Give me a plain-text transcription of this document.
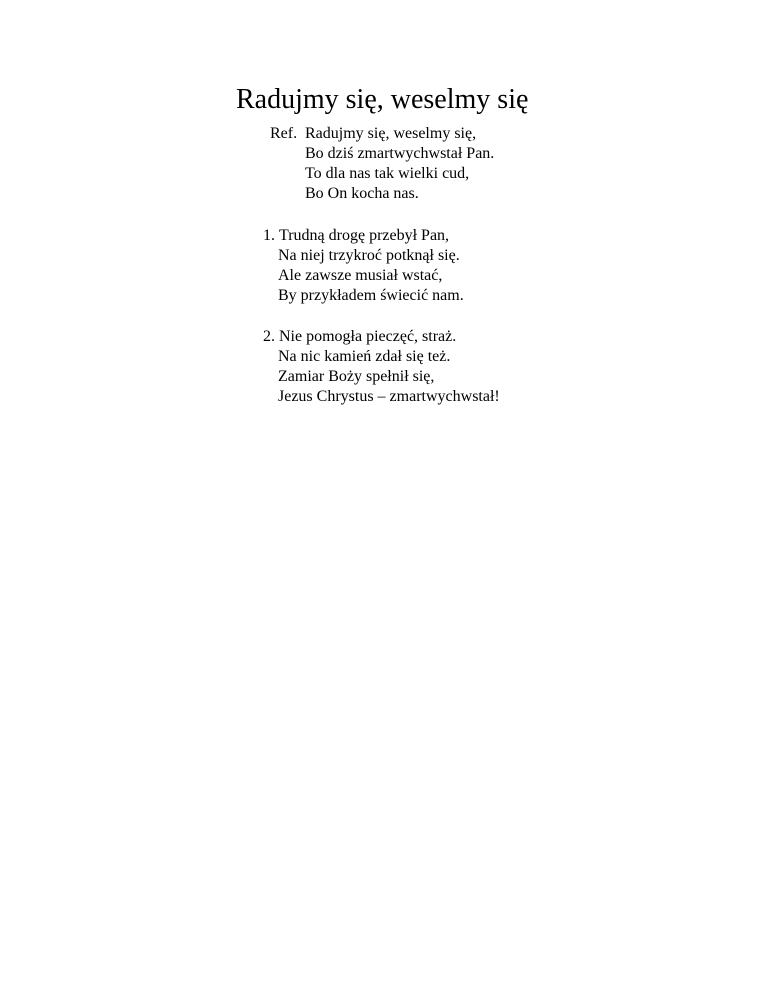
Radujmy się, weselmy się
Ref. Radujmy się, weselmy się,
Bo dziś zmartwychwstał Pan.
To dla nas tak wielki cud,
Bo On kocha nas.
1. Trudną drogę przebył Pan,
Na niej trzykroć potknął się.
Ale zawsze musiał wstać,
By przykładem świecić nam.
2. Nie pomogła pieczęć, straż.
Na nic kamień zdał się też.
Zamiar Boży spełnił się,
Jezus Chrystus – zmartwychwstał!
